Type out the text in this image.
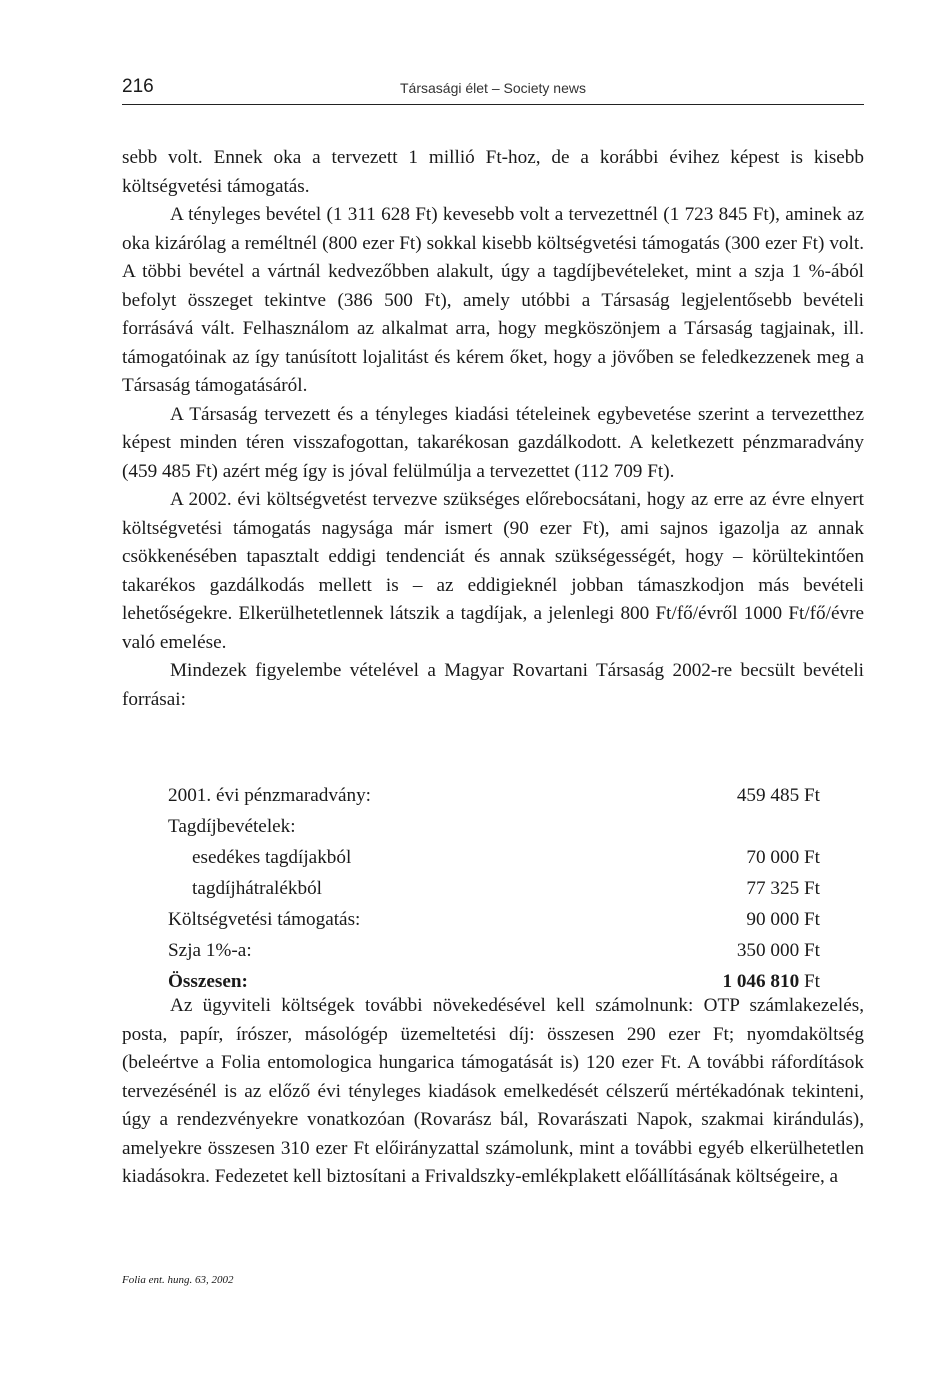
216	Társasági élet – Society news

sebb volt. Ennek oka a tervezett 1 millió Ft-hoz, de a korábbi évihez képest is kisebb költségvetési támogatás.

A tényleges bevétel (1 311 628 Ft) kevesebb volt a tervezettnél (1 723 845 Ft), aminek az oka kizárólag a reméltnél (800 ezer Ft) sokkal kisebb költségvetési támogatás (300 ezer Ft) volt. A többi bevétel a vártnál kedvezőbben alakult, úgy a tagdíjbevételeket, mint a szja 1 %-ából befolyt összeget tekintve (386 500 Ft), amely utóbbi a Társaság legjelentősebb bevételi forrásává vált. Felhasználom az alkalmat arra, hogy megköszönjem a Társaság tagjainak, ill. támogatóinak az így tanúsított lojalitást és kérem őket, hogy a jövőben se feledkezzenek meg a Társaság támogatásáról.

A Társaság tervezett és a tényleges kiadási tételeinek egybevetése szerint a tervezetthez képest minden téren visszafogottan, takarékosan gazdálkodott. A keletkezett pénzmaradvány (459 485 Ft) azért még így is jóval felülmúlja a tervezettet (112 709 Ft).

A 2002. évi költségvetést tervezve szükséges előrebocsátani, hogy az erre az évre elnyert költségvetési támogatás nagysága már ismert (90 ezer Ft), ami sajnos igazolja az annak csökkenésében tapasztalt eddigi tendenciát és annak szükségességét, hogy – körültekintően takarékos gazdálkodás mellett is – az eddigieknél jobban támaszkodjon más bevételi lehetőségekre. Elkerülhetetlennek látszik a tagdíjak, a jelenlegi 800 Ft/fő/évről 1000 Ft/fő/évre való emelése.

Mindezek figyelembe vételével a Magyar Rovartani Társaság 2002-re becsült bevételi forrásai:

2001. évi pénzmaradvány:	459 485 Ft
Tagdíjbevételek:
esedékes tagdíjakból	70 000 Ft
tagdíjhátralékból	77 325 Ft
Költségvetési támogatás:	90 000 Ft
Szja 1%-a:	350 000 Ft
Összesen:	1 046 810 Ft

Az ügyviteli költségek további növekedésével kell számolnunk: OTP számlakezelés, posta, papír, írószer, másológép üzemeltetési díj: összesen 290 ezer Ft; nyomdaköltség (beleértve a Folia entomologica hungarica támogatását is) 120 ezer Ft. A további ráfordítások tervezésénél is az előző évi tényleges kiadások emelkedését célszerű mértékadónak tekinteni, úgy a rendezvényekre vonatkozóan (Rovarász bál, Rovarászati Napok, szakmai kirándulás), amelyekre összesen 310 ezer Ft előirányzattal számolunk, mint a további egyéb elkerülhetetlen kiadásokra. Fedezetet kell biztosítani a Frivaldszky-emlékplakett előállításának költségeire, a

Folia ent. hung. 63, 2002
